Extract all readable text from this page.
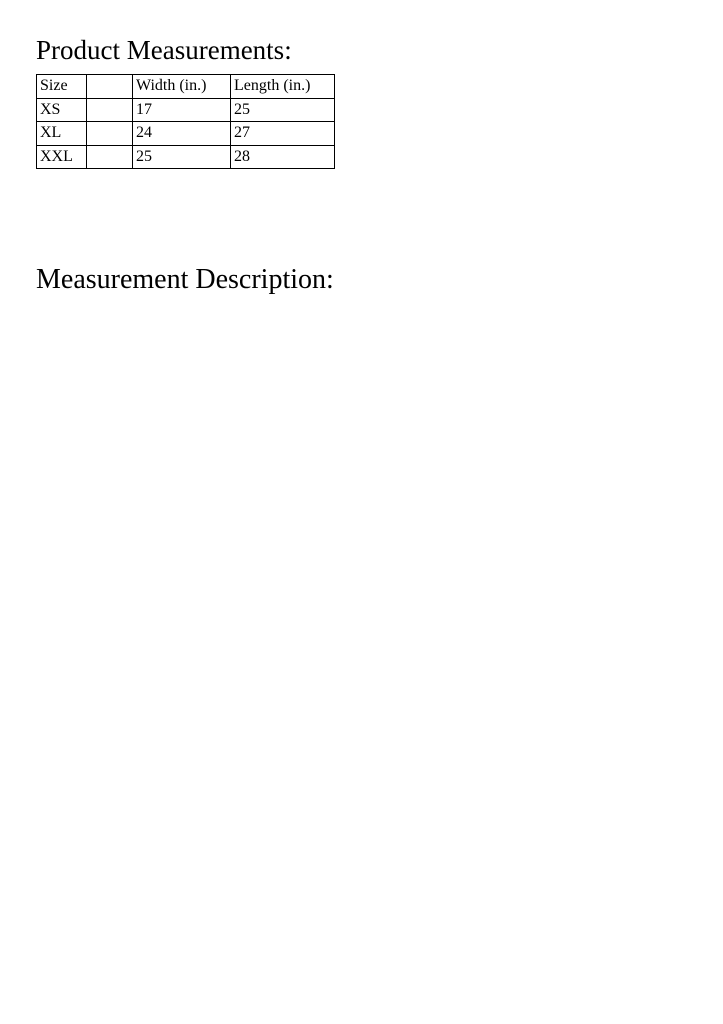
Product Measurements:
Size		Width (in.)	Length (in.)
XS		17	25
XL		24	27
XXL		25	28
Measurement Description:
